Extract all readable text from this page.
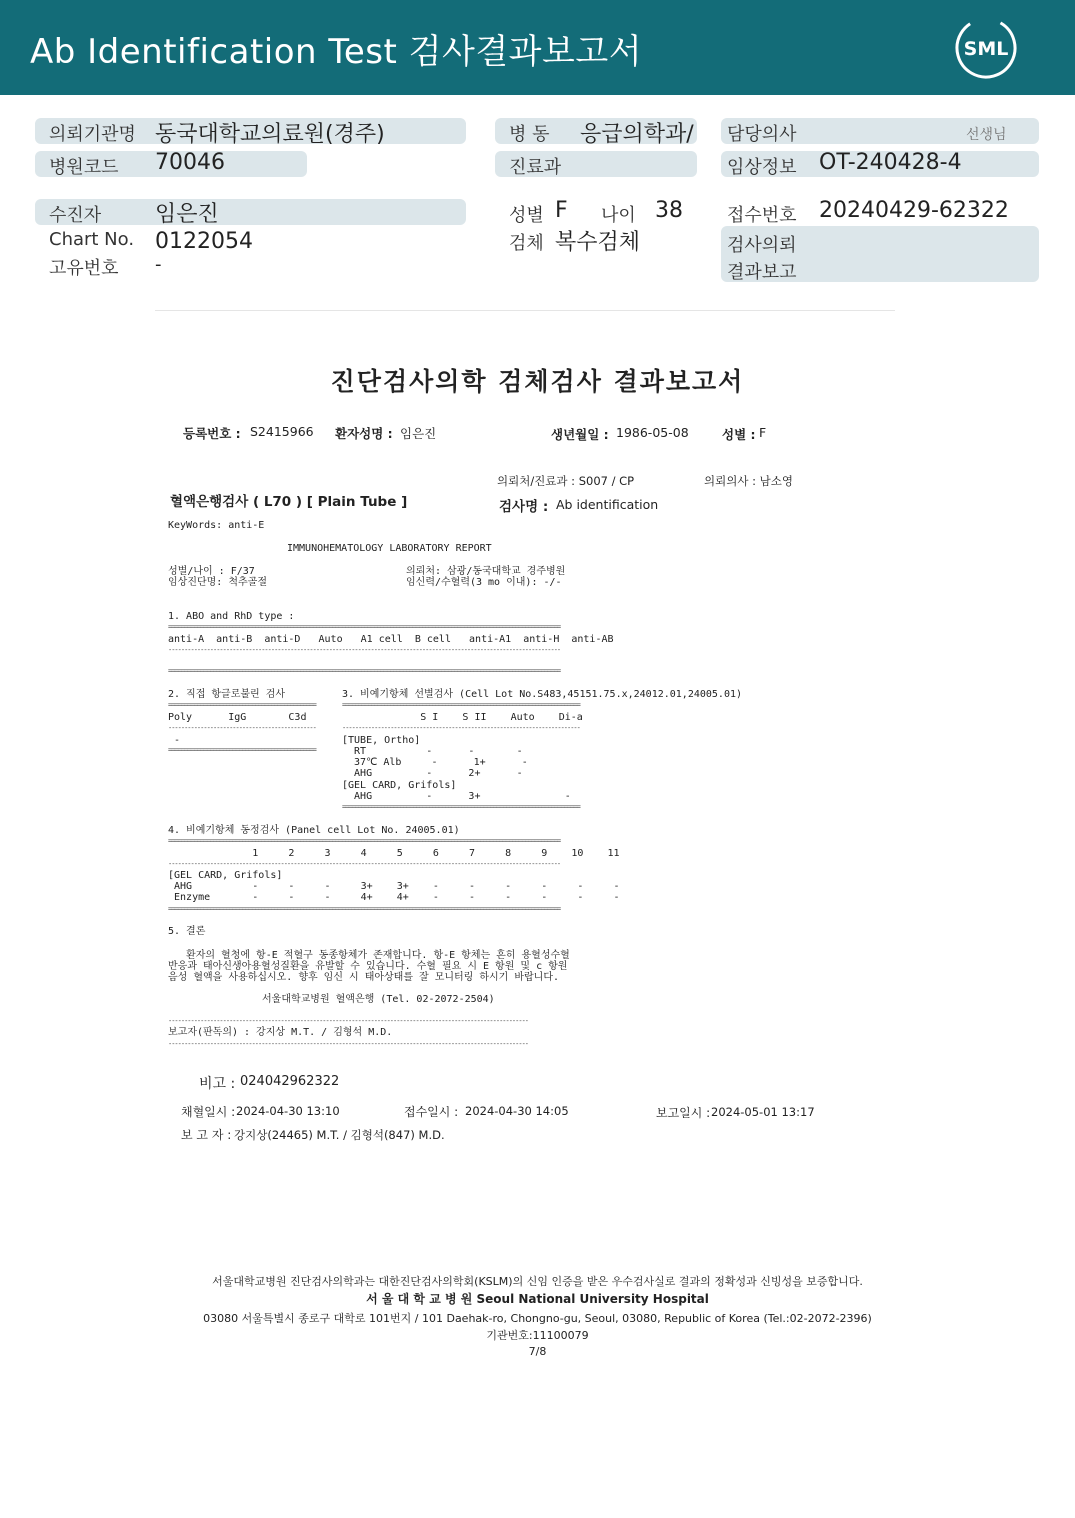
Ab Identification Test 검사결과보고서	SML
의뢰기관명 동국대학교의료원(경주)
병원코드 70046
병 동 응급의학과/
진료과
담당의사	선생님
임상정보 OT-240428-4
수진자 임은진
Chart No. 0122054
고유번호 -
성별 F 나이 38
검체 복수검체
접수번호 20240429-62322
검사의뢰
결과보고
진단검사의학 검체검사 결과보고서
등록번호 : S2415966 환자성명 : 임은진	생년월일 : 1986-05-08	성별 : F
의뢰처/진료과 : S007 / CP	의뢰의사 : 남소영
혈액은행검사 ( L70 ) [ Plain Tube ]	검사명 : Ab identification
KeyWords: anti-E
IMMUNOHEMATOLOGY LABORATORY REPORT
성별/나이 : F/37
임상진단명: 척추골절
의뢰처: 삼광/동국대학교 경주병원
임신력/수혈력(3 mo 이내): -/-
1. ABO and RhD type :
==========================================================================================================================
anti-A  anti-B  anti-D   Auto   A1 cell  B cell   anti-A1  anti-H  anti-AB
--------------------------------------------------------------------------------------------------------------------------
==========================================================================================================================
2. 직접 항글로불린 검사
==============================================
Poly      IgG       C3d
----------------------------------------------
-
==============================================
3. 비예기항체 선별검사 (Cell Lot No.S483,45151.75.x,24012.01,24005.01)
==========================================================================
S I    S II    Auto    Di-a
--------------------------------------------------------------------------
[TUBE, Ortho]
RT          -      -       -
37℃ Alb     -      1+      -
AHG         -      2+      -
[GEL CARD, Grifols]
AHG         -      3+              -
==========================================================================
4. 비예기항체 동정검사 (Panel cell Lot No. 24005.01)
==========================================================================================================================
1     2     3     4     5     6     7     8     9    10    11
--------------------------------------------------------------------------------------------------------------------------
[GEL CARD, Grifols]
AHG          -     -     -     3+    3+    -     -     -     -     -     -
Enzyme       -     -     -     4+    4+    -     -     -     -     -     -
==========================================================================================================================
5. 결론
환자의 혈청에 항-E 적혈구 동종항체가 존재합니다. 항-E 항체는 흔히 용혈성수혈
반응과 태아신생아용혈성질환을 유발할 수 있습니다. 수혈 필요 시 E 항원 및 c 항원
음성 혈액을 사용하십시오. 향후 임신 시 태아상태를 잘 모니터링 하시기 바랍니다.
서울대학교병원 혈액은행 (Tel. 02-2072-2504)
----------------------------------------------------------------------------------------------------------------
보고자(판독의) : 강지상 M.T. / 김형석 M.D.
----------------------------------------------------------------------------------------------------------------
비고 : 024042962322
채혈일시 : 2024-04-30 13:10	접수일시 : 2024-04-30 14:05	보고일시 : 2024-05-01 13:17
보 고 자 : 강지상(24465) M.T. / 김형석(847) M.D.
서울대학교병원 진단검사의학과는 대한진단검사의학회(KSLM)의 신임 인증을 받은 우수검사실로 결과의 정확성과 신빙성을 보증합니다.
서 울 대 학 교 병 원 Seoul National University Hospital
03080 서울특별시 종로구 대학로 101번지 / 101 Daehak-ro, Chongno-gu, Seoul, 03080, Republic of Korea (Tel.:02-2072-2396)
기관번호:11100079
7/8
